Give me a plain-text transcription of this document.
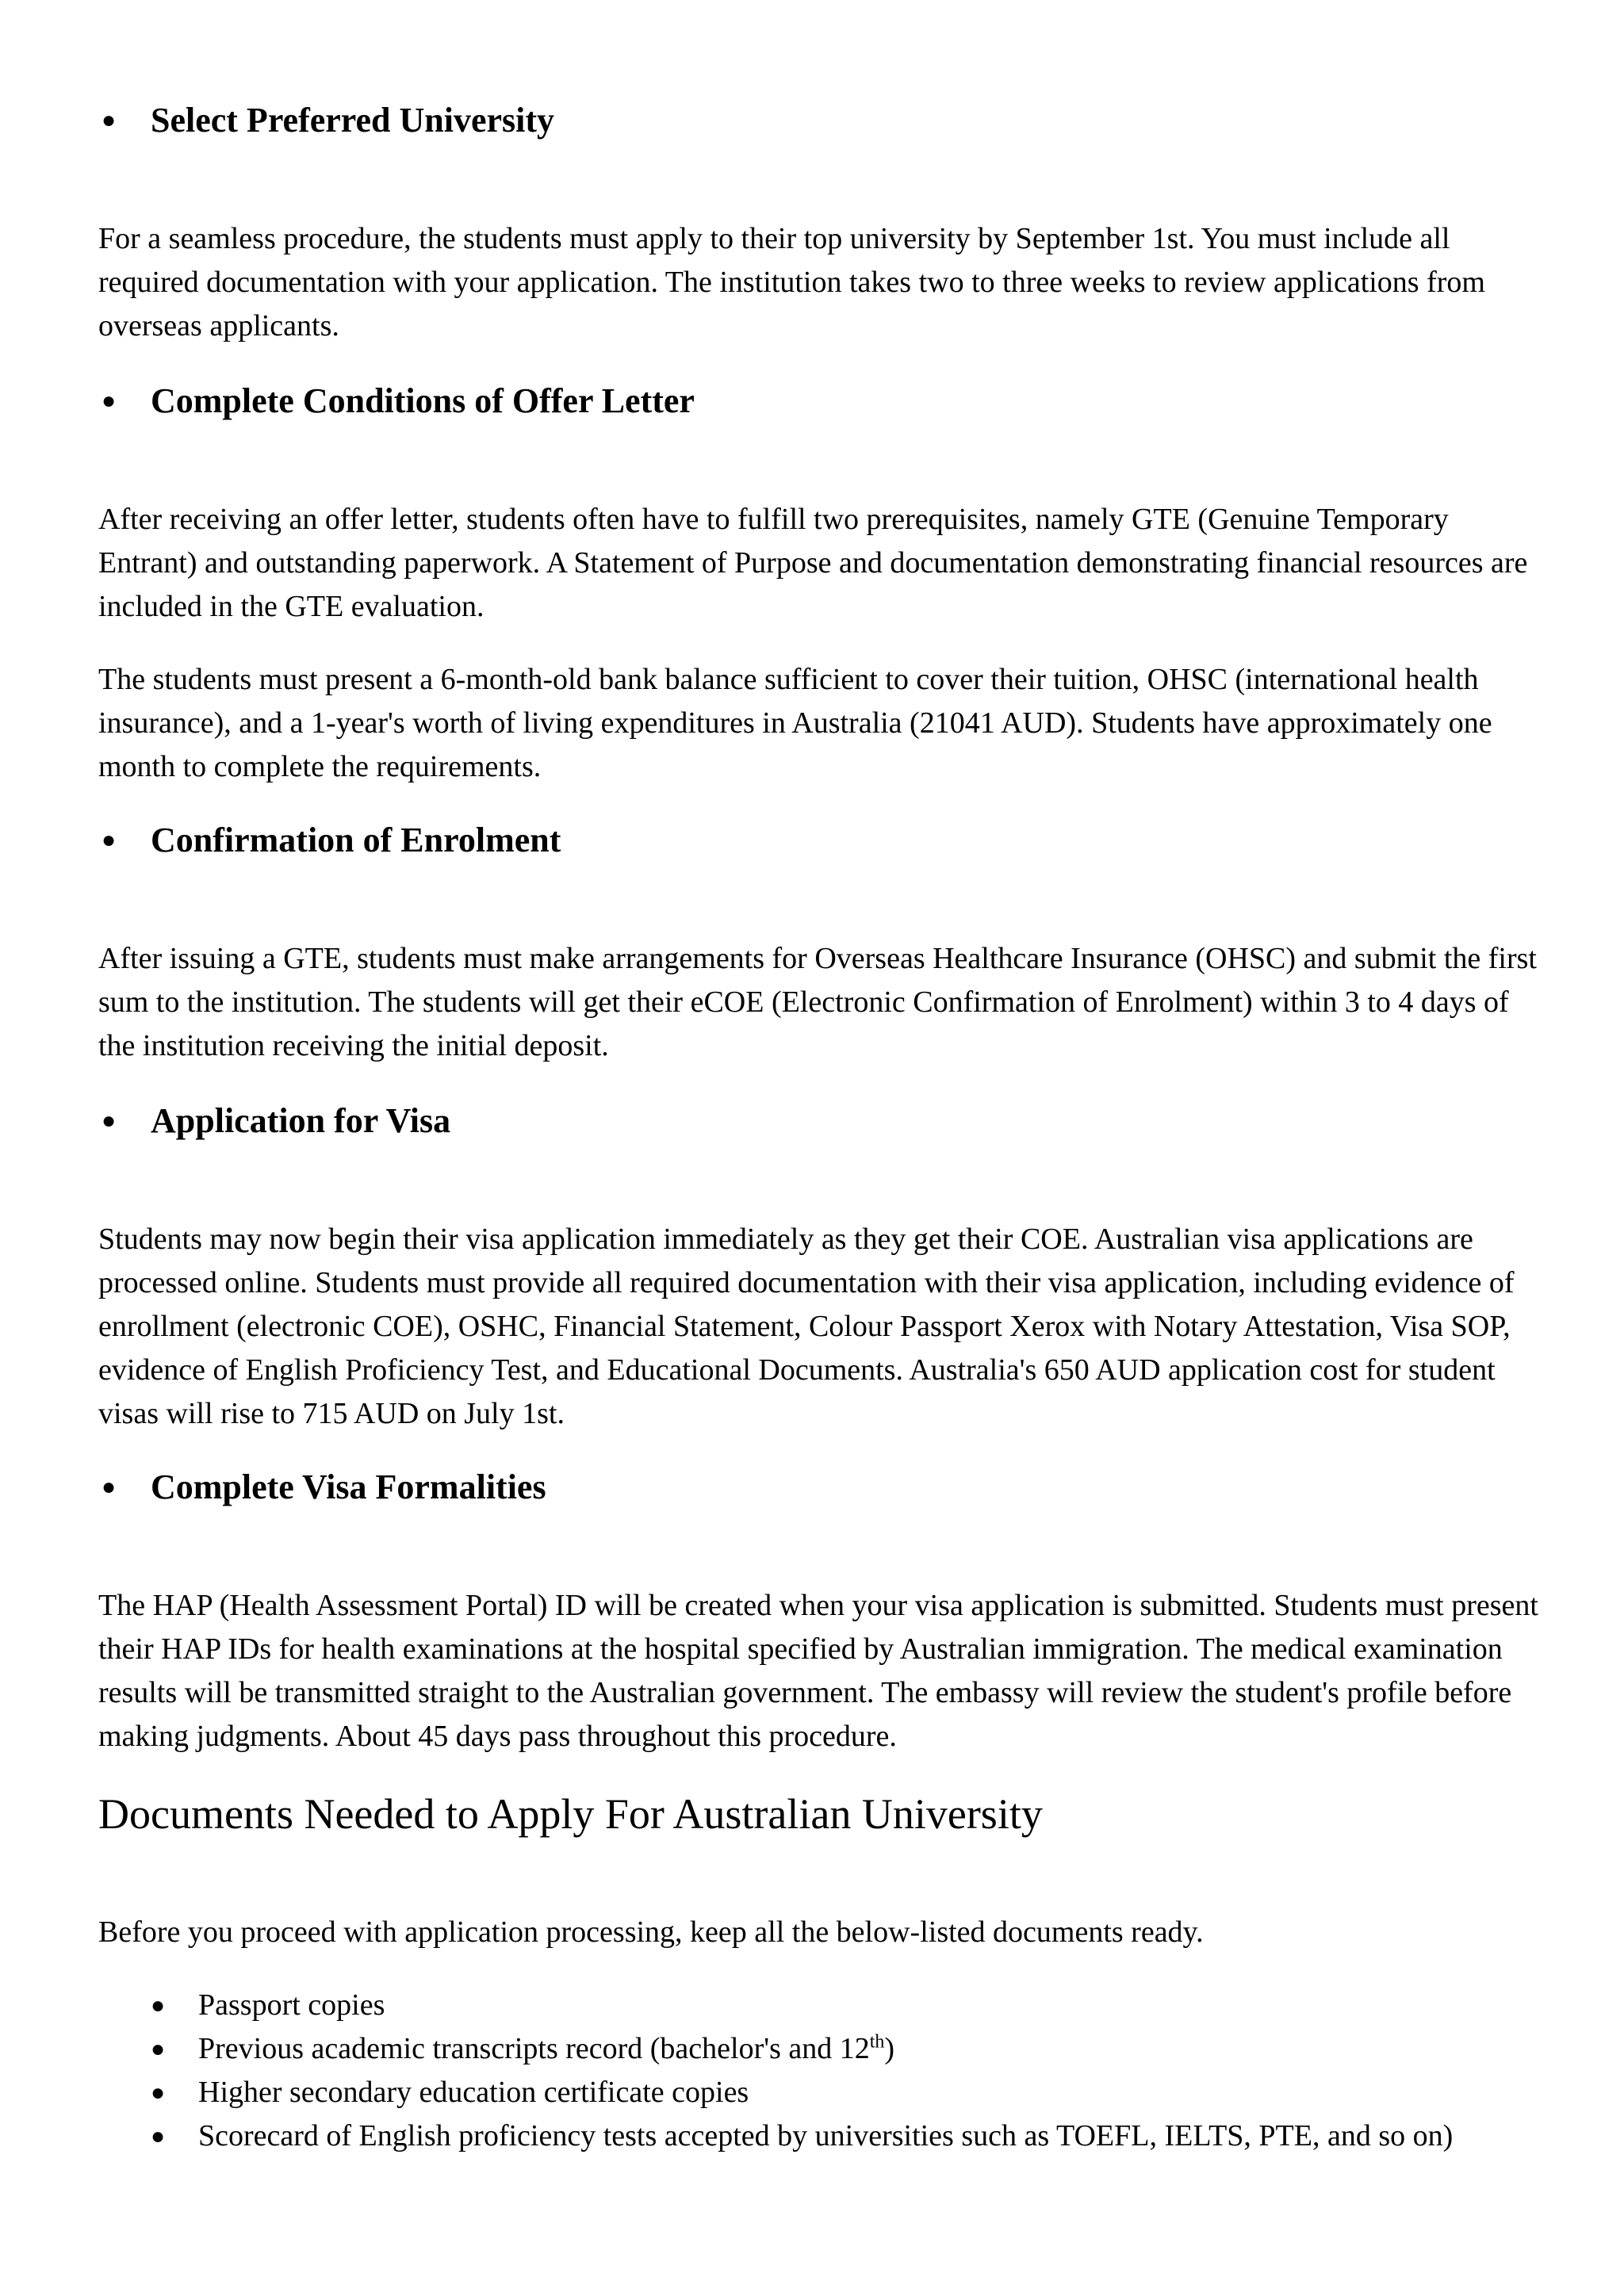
● Select Preferred University

For a seamless procedure, the students must apply to their top university by September 1st. You must include all required documentation with your application. The institution takes two to three weeks to review applications from overseas applicants.

● Complete Conditions of Offer Letter

After receiving an offer letter, students often have to fulfill two prerequisites, namely GTE (Genuine Temporary Entrant) and outstanding paperwork. A Statement of Purpose and documentation demonstrating financial resources are included in the GTE evaluation.

The students must present a 6-month-old bank balance sufficient to cover their tuition, OHSC (international health insurance), and a 1-year's worth of living expenditures in Australia (21041 AUD). Students have approximately one month to complete the requirements.

● Confirmation of Enrolment

After issuing a GTE, students must make arrangements for Overseas Healthcare Insurance (OHSC) and submit the first sum to the institution. The students will get their eCOE (Electronic Confirmation of Enrolment) within 3 to 4 days of the institution receiving the initial deposit.

● Application for Visa

Students may now begin their visa application immediately as they get their COE. Australian visa applications are processed online. Students must provide all required documentation with their visa application, including evidence of enrollment (electronic COE), OSHC, Financial Statement, Colour Passport Xerox with Notary Attestation, Visa SOP, evidence of English Proficiency Test, and Educational Documents. Australia's 650 AUD application cost for student visas will rise to 715 AUD on July 1st.

● Complete Visa Formalities

The HAP (Health Assessment Portal) ID will be created when your visa application is submitted. Students must present their HAP IDs for health examinations at the hospital specified by Australian immigration. The medical examination results will be transmitted straight to the Australian government. The embassy will review the student's profile before making judgments. About 45 days pass throughout this procedure.

Documents Needed to Apply For Australian University

Before you proceed with application processing, keep all the below-listed documents ready.

● Passport copies
● Previous academic transcripts record (bachelor's and 12th)
● Higher secondary education certificate copies
● Scorecard of English proficiency tests accepted by universities such as TOEFL, IELTS, PTE, and so on)
